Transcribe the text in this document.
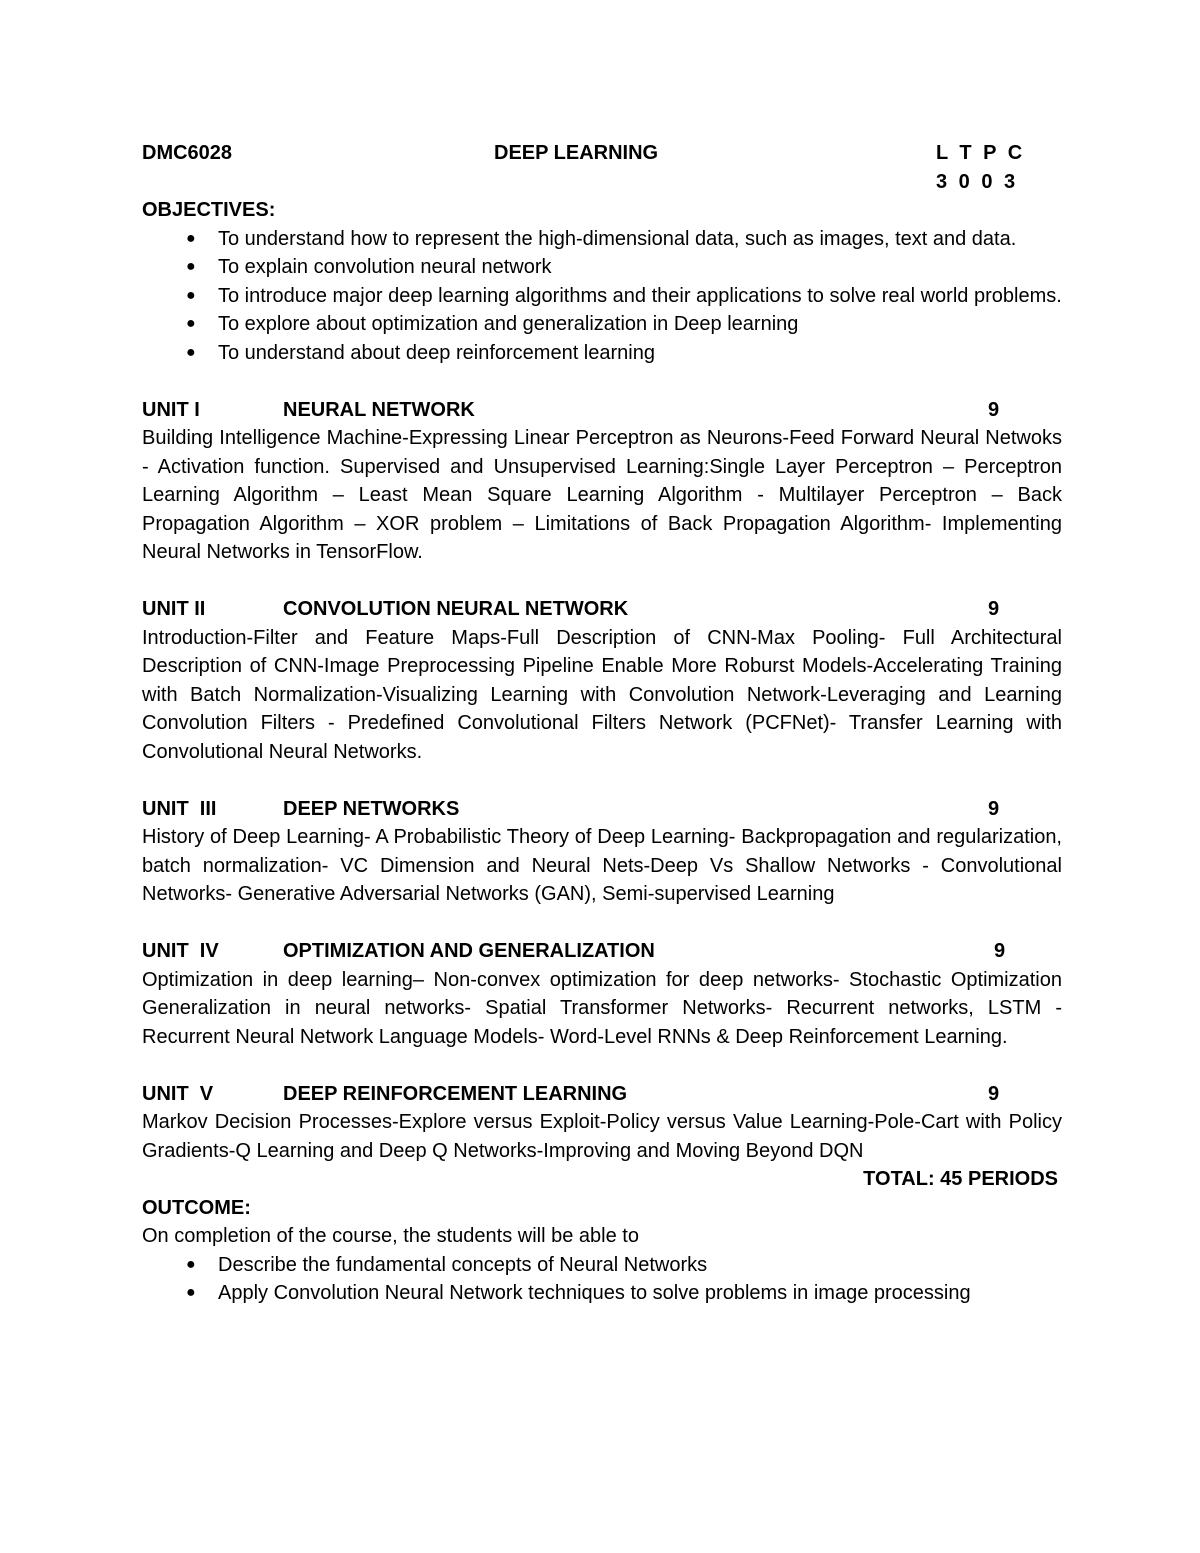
DMC6028	DEEP LEARNING	L T P C
3 0 0 3
OBJECTIVES:
● To understand how to represent the high-dimensional data, such as images, text and data.
● To explain convolution neural network
● To introduce major deep learning algorithms and their applications to solve real world problems.
● To explore about optimization and generalization in Deep learning
● To understand about deep reinforcement learning
UNIT I	NEURAL NETWORK	9
Building Intelligence Machine-Expressing Linear Perceptron as Neurons-Feed Forward Neural Netwoks - Activation function. Supervised and Unsupervised Learning:Single Layer Perceptron – Perceptron Learning Algorithm – Least Mean Square Learning Algorithm - Multilayer Perceptron – Back Propagation Algorithm – XOR problem – Limitations of Back Propagation Algorithm- Implementing Neural Networks in TensorFlow.
UNIT II	CONVOLUTION NEURAL NETWORK	9
Introduction-Filter and Feature Maps-Full Description of CNN-Max Pooling- Full Architectural Description of CNN-Image Preprocessing Pipeline Enable More Roburst Models-Accelerating Training with Batch Normalization-Visualizing Learning with Convolution Network-Leveraging and Learning Convolution Filters - Predefined Convolutional Filters Network (PCFNet)- Transfer Learning with Convolutional Neural Networks.
UNIT  III	DEEP NETWORKS	9
History of Deep Learning- A Probabilistic Theory of Deep Learning- Backpropagation and regularization, batch normalization- VC Dimension and Neural Nets-Deep Vs Shallow Networks - Convolutional Networks- Generative Adversarial Networks (GAN), Semi-supervised Learning
UNIT  IV	OPTIMIZATION AND GENERALIZATION	9
Optimization in deep learning– Non-convex optimization for deep networks- Stochastic Optimization Generalization in neural networks- Spatial Transformer Networks- Recurrent networks, LSTM - Recurrent Neural Network Language Models- Word-Level RNNs & Deep Reinforcement Learning.
UNIT  V	DEEP REINFORCEMENT LEARNING	9
Markov Decision Processes-Explore versus Exploit-Policy versus Value Learning-Pole-Cart with Policy Gradients-Q Learning and Deep Q Networks-Improving and Moving Beyond DQN
TOTAL: 45 PERIODS
OUTCOME:
On completion of the course, the students will be able to
● Describe the fundamental concepts of Neural Networks
● Apply Convolution Neural Network techniques to solve problems in image processing
